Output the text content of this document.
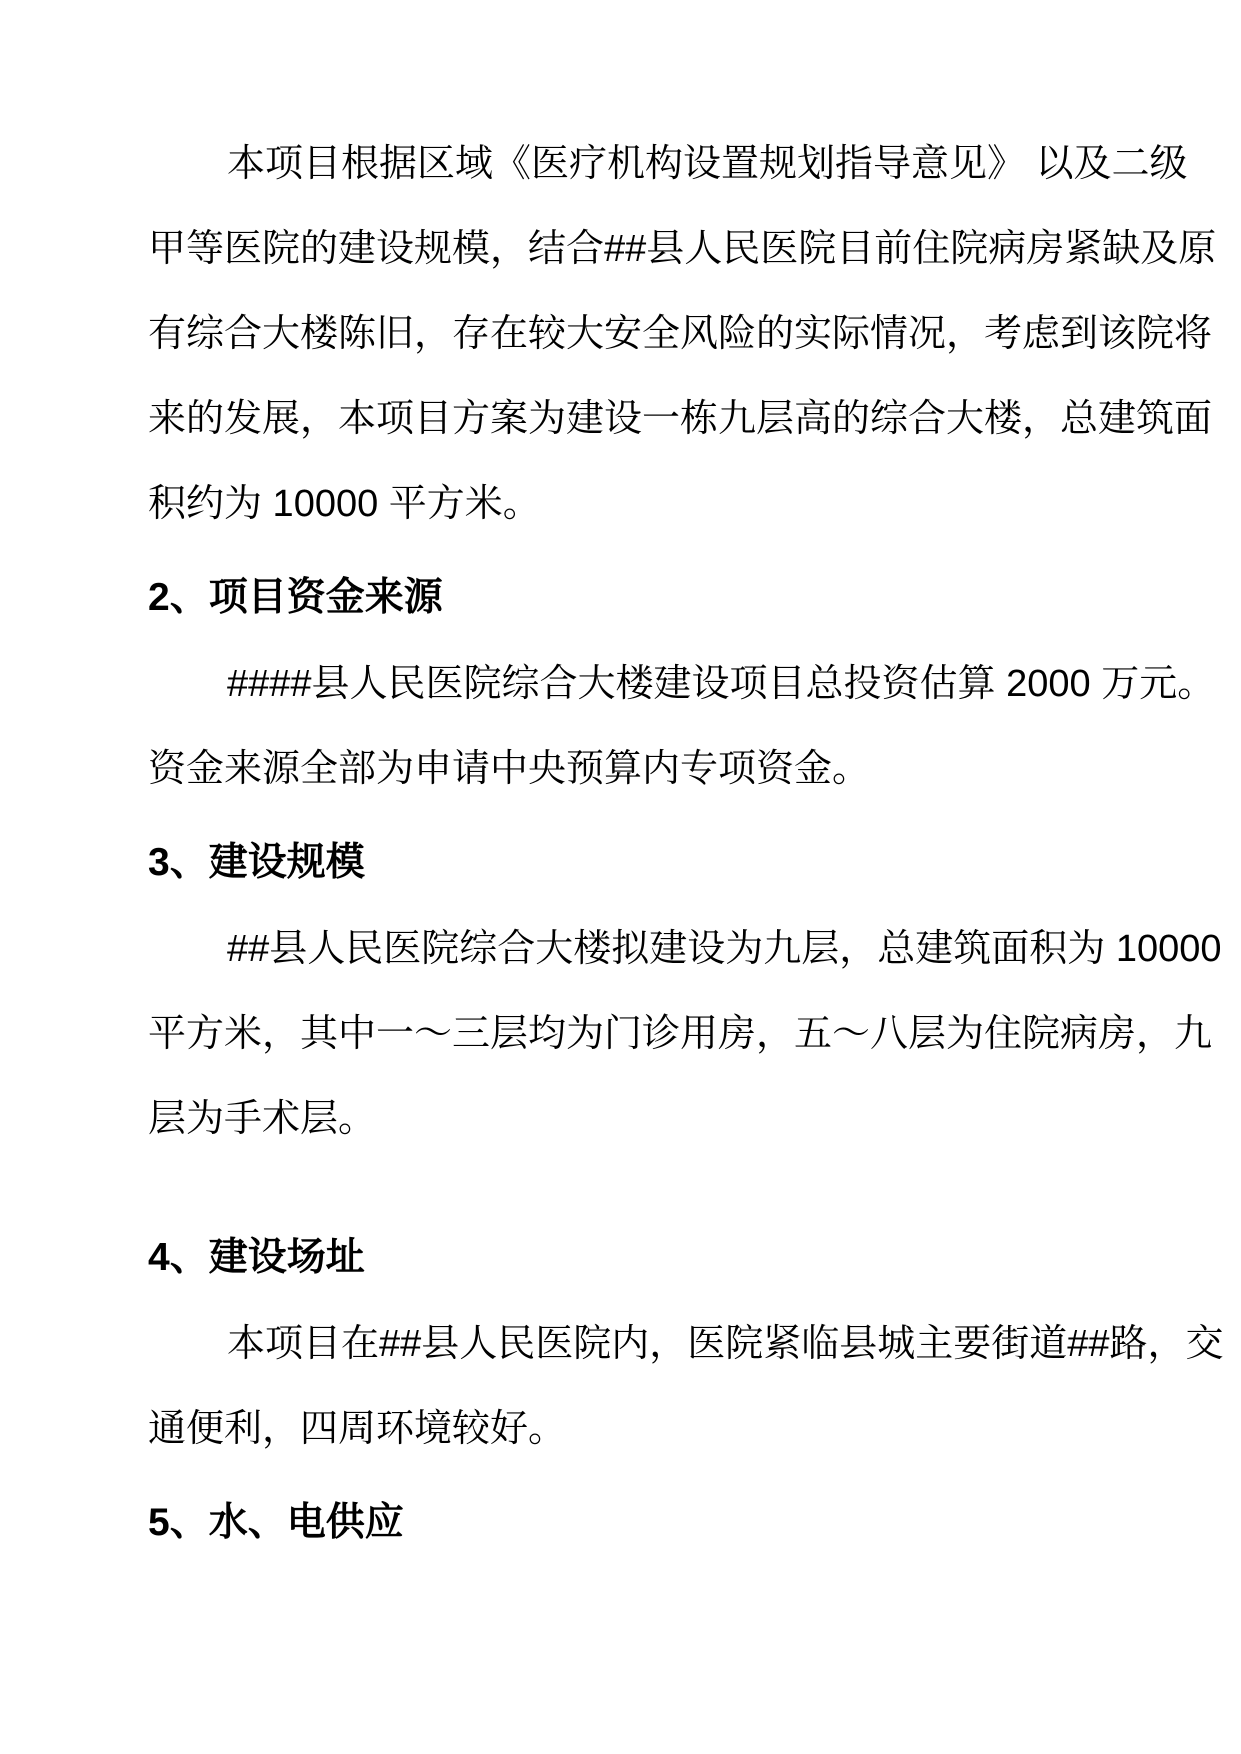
本项目根据区域《医疗机构设置规划指导意见》 以及二级
甲等医院的建设规模，结合##县人民医院目前住院病房紧缺及原
有综合大楼陈旧，存在较大安全风险的实际情况，考虑到该院将
来的发展，本项目方案为建设一栋九层高的综合大楼，总建筑面
积约为 10000 平方米。
2、项目资金来源
####县人民医院综合大楼建设项目总投资估算 2000 万元。
资金来源全部为申请中央预算内专项资金。
3、建设规模
##县人民医院综合大楼拟建设为九层，总建筑面积为 10000
平方米，其中一～三层均为门诊用房，五～八层为住院病房，九
层为手术层。
4、建设场址
本项目在##县人民医院内，医院紧临县城主要街道##路，交
通便利，四周环境较好。
5、水、电供应
